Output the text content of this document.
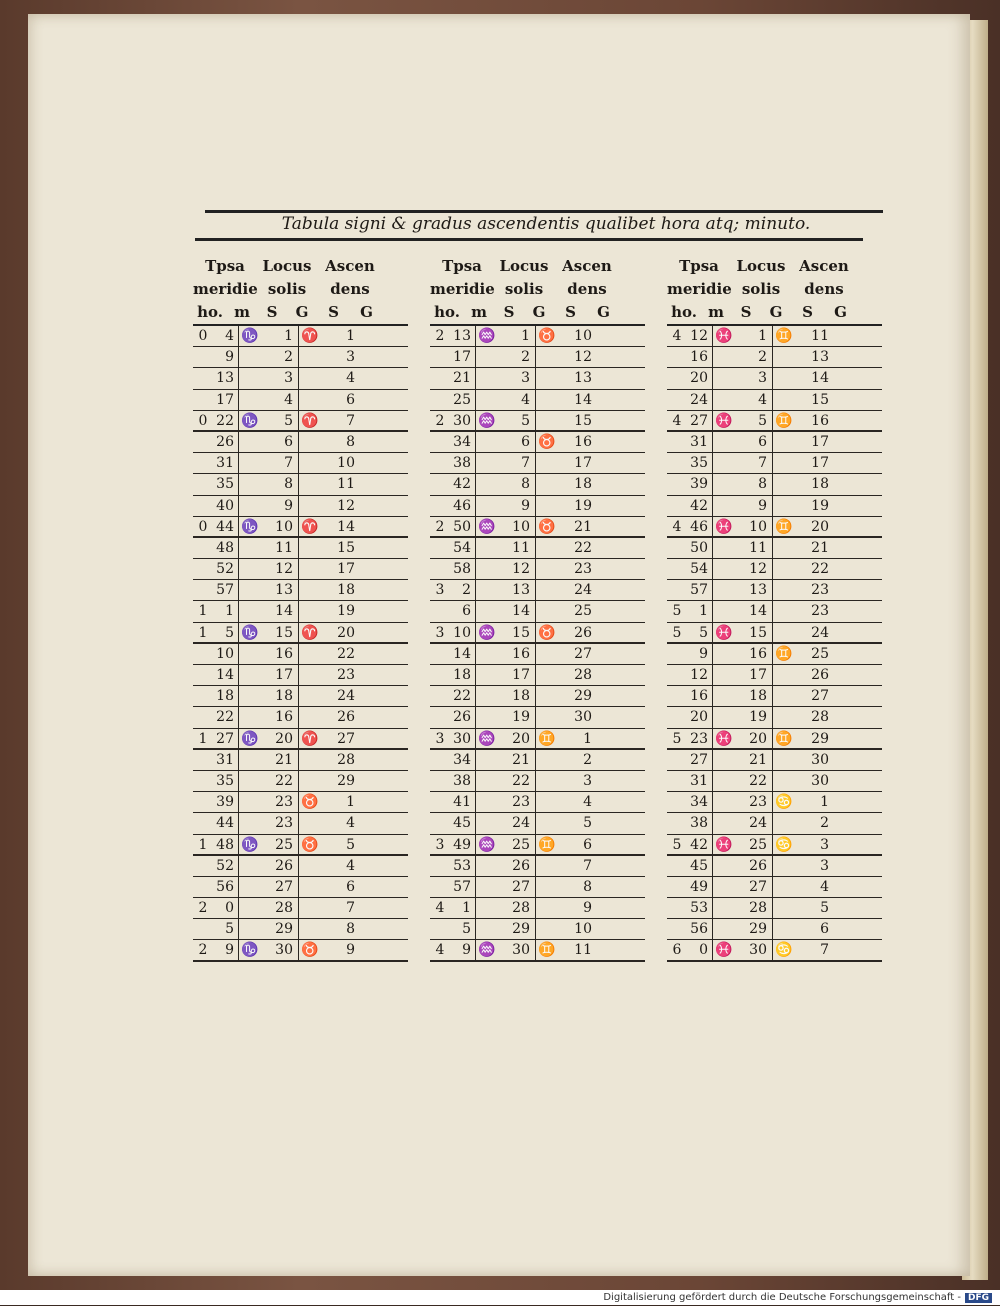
Tabula signi & gradus ascendentis qualibet hora atq; minuto.
Tpsa	Locus Ascen
meridie solis	dens
ho. m	S	G	S	G
0	4 ♑	1 ♈	1
9	2	3
13	3	4
17	4	6
0 22 ♑	5 ♈	7
26	6	8
31	7	10
35	8	11
40	9	12
0 44 ♑	10 ♈	14
48	11	15
52	12	17
57	13	18
1	1	14	19
1	5 ♑	15 ♈	20
10	16	22
14	17	23
18	18	24
22	16	26
1 27 ♑	20 ♈	27
31	21	28
35	22	29
39	23 ♉	1
44	23	4
1 48 ♑	25 ♉	5
52	26	4
56	27	6
2	0	28	7
5	29	8
2	9 ♑	30 ♉	9
Tpsa	Locus Ascen
meridie solis	dens
ho. m	S	G	S	G
2 13 ♒	1 ♉	10
17	2	12
21	3	13
25	4	14
2 30 ♒	5	15
34	6 ♉	16
38	7	17
42	8	18
46	9	19
2 50 ♒	10 ♉	21
54	11	22
58	12	23
3	2	13	24
6	14	25
3 10 ♒	15 ♉	26
14	16	27
18	17	28
22	18	29
26	19	30
3 30 ♒	20 ♊	1
34	21	2
38	22	3
41	23	4
45	24	5
3 49 ♒	25 ♊	6
53	26	7
57	27	8
4	1	28	9
5	29	10
4	9 ♒	30 ♊	11
Tpsa	Locus Ascen
meridie solis	dens
ho. m	S	G	S	G
4 12 ♓	1 ♊	11
16	2	13
20	3	14
24	4	15
4 27 ♓	5 ♊	16
31	6	17
35	7	17
39	8	18
42	9	19
4 46 ♓	10 ♊	20
50	11	21
54	12	22
57	13	23
5	1	14	23
5	5 ♓	15	24
9	16 ♊	25
12	17	26
16	18	27
20	19	28
5 23 ♓	20 ♊	29
27	21	30
31	22	30
34	23 ♋	1
38	24	2
5 42 ♓	25 ♋	3
45	26	3
49	27	4
53	28	5
56	29	6
6	0 ♓	30 ♋	7
Digitalisierung gefördert durch die Deutsche Forschungsgemeinschaft - DFG
